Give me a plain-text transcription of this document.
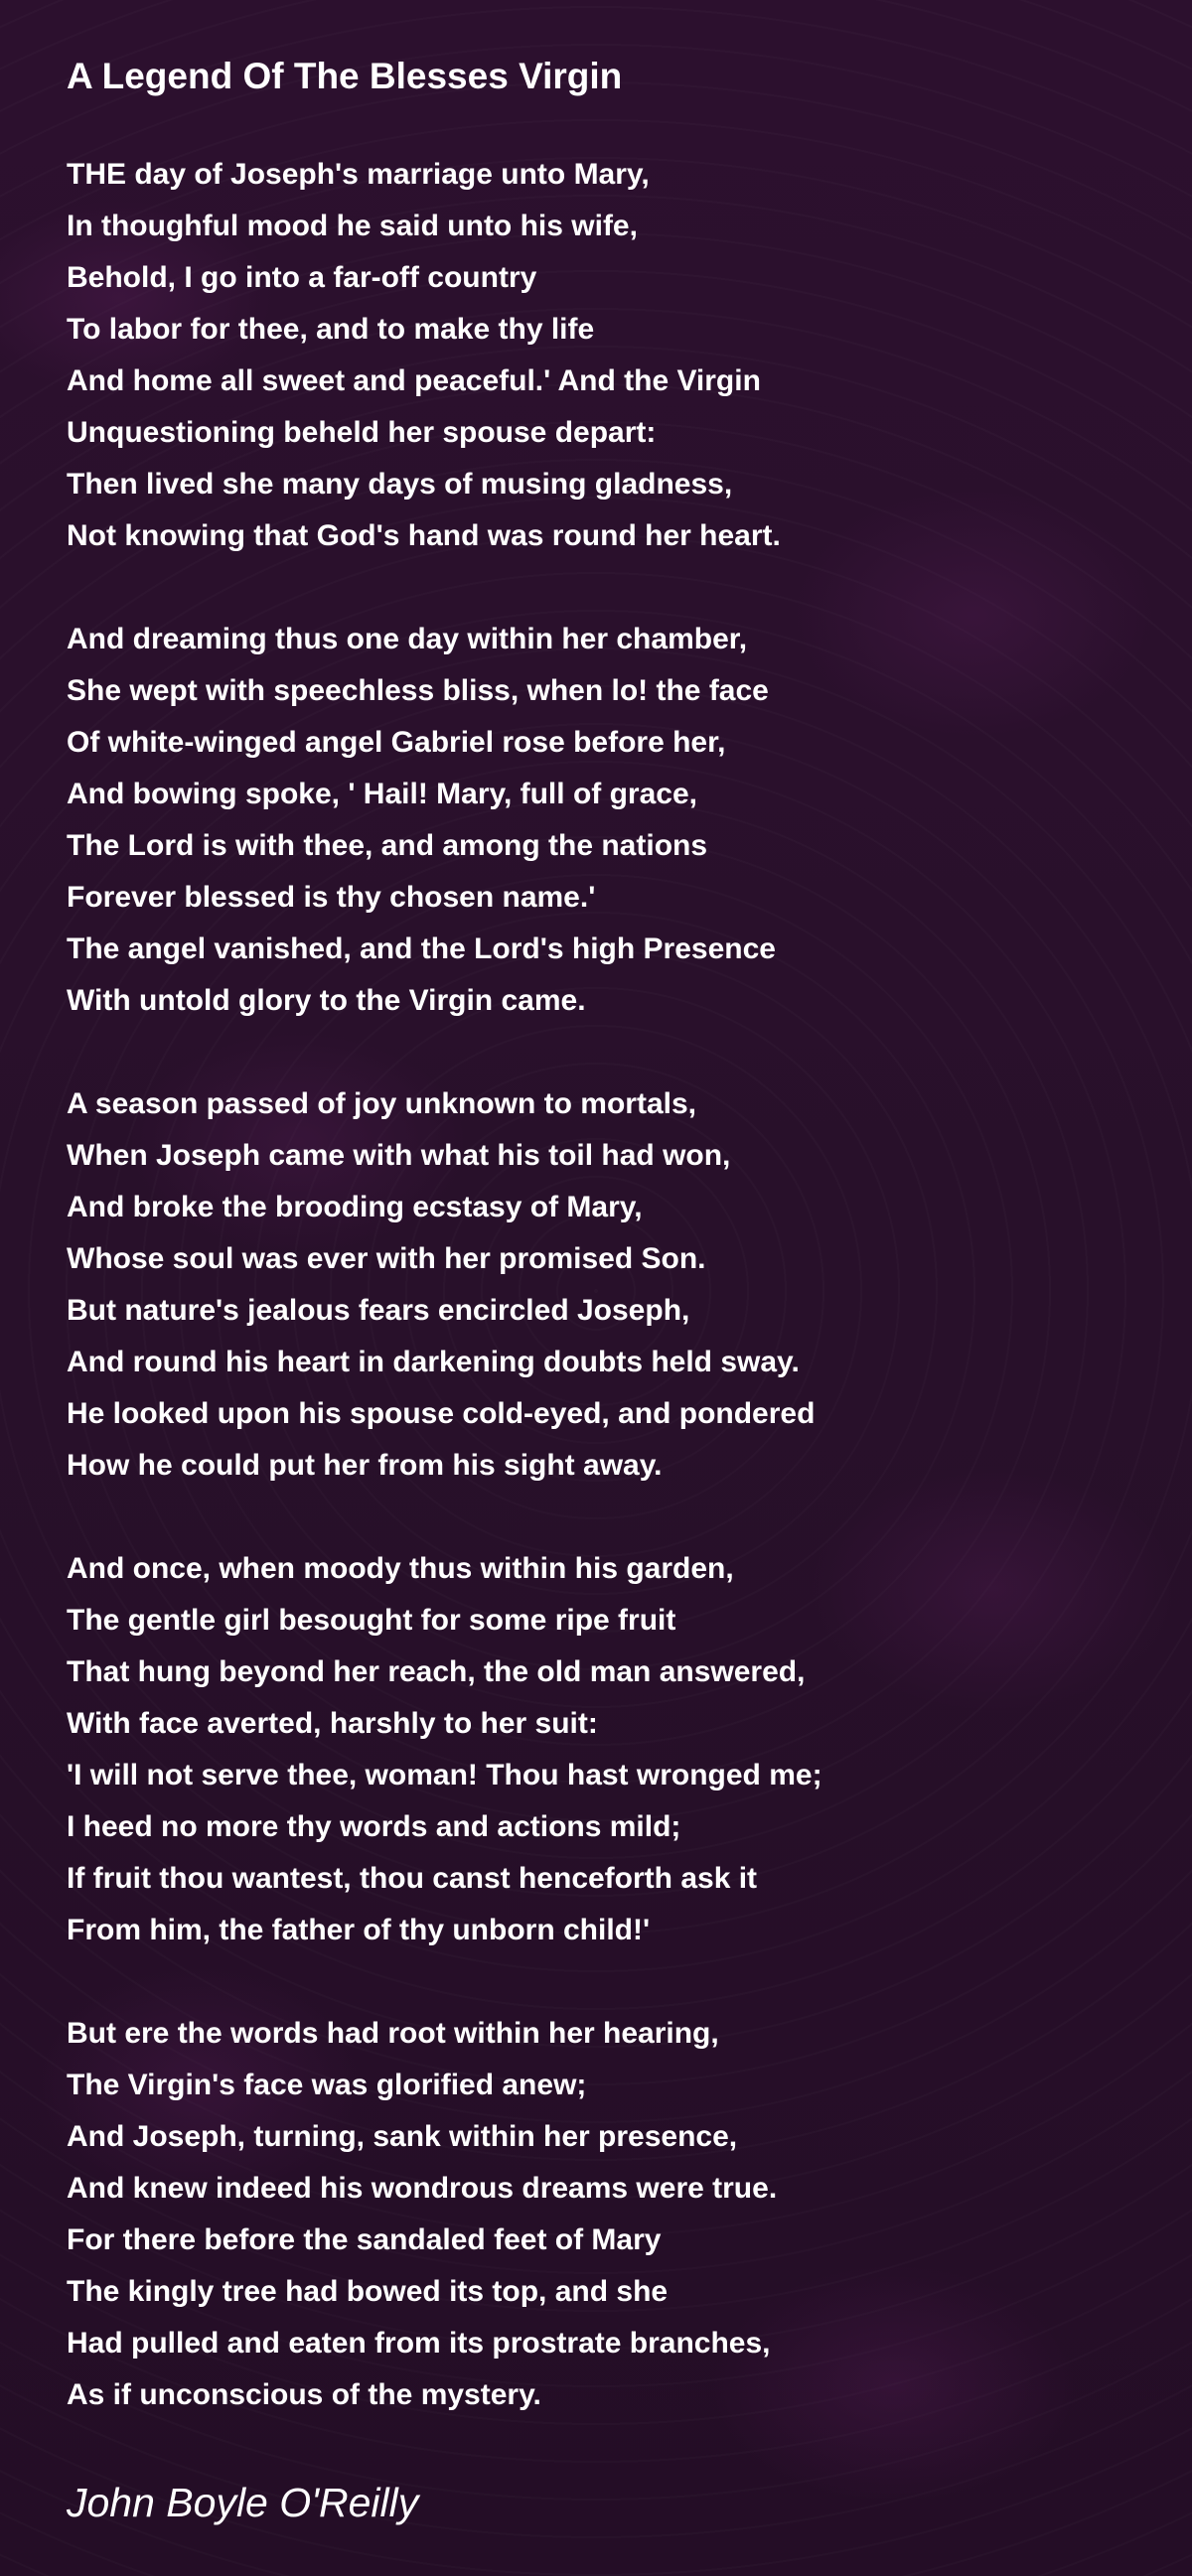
A Legend Of The Blesses Virgin
THE day of Joseph's marriage unto Mary,
In thoughful mood he said unto his wife,
Behold, I go into a far-off country
To labor for thee, and to make thy life
And home all sweet and peaceful.' And the Virgin
Unquestioning beheld her spouse depart:
Then lived she many days of musing gladness,
Not knowing that God's hand was round her heart.
And dreaming thus one day within her chamber,
She wept with speechless bliss, when lo! the face
Of white-winged angel Gabriel rose before her,
And bowing spoke, ' Hail! Mary, full of grace,
The Lord is with thee, and among the nations
Forever blessed is thy chosen name.'
The angel vanished, and the Lord's high Presence
With untold glory to the Virgin came.
A season passed of joy unknown to mortals,
When Joseph came with what his toil had won,
And broke the brooding ecstasy of Mary,
Whose soul was ever with her promised Son.
But nature's jealous fears encircled Joseph,
And round his heart in darkening doubts held sway.
He looked upon his spouse cold-eyed, and pondered
How he could put her from his sight away.
And once, when moody thus within his garden,
The gentle girl besought for some ripe fruit
That hung beyond her reach, the old man answered,
With face averted, harshly to her suit:
'I will not serve thee, woman! Thou hast wronged me;
I heed no more thy words and actions mild;
If fruit thou wantest, thou canst henceforth ask it
From him, the father of thy unborn child!'
But ere the words had root within her hearing,
The Virgin's face was glorified anew;
And Joseph, turning, sank within her presence,
And knew indeed his wondrous dreams were true.
For there before the sandaled feet of Mary
The kingly tree had bowed its top, and she
Had pulled and eaten from its prostrate branches,
As if unconscious of the mystery.

John Boyle O'Reilly
